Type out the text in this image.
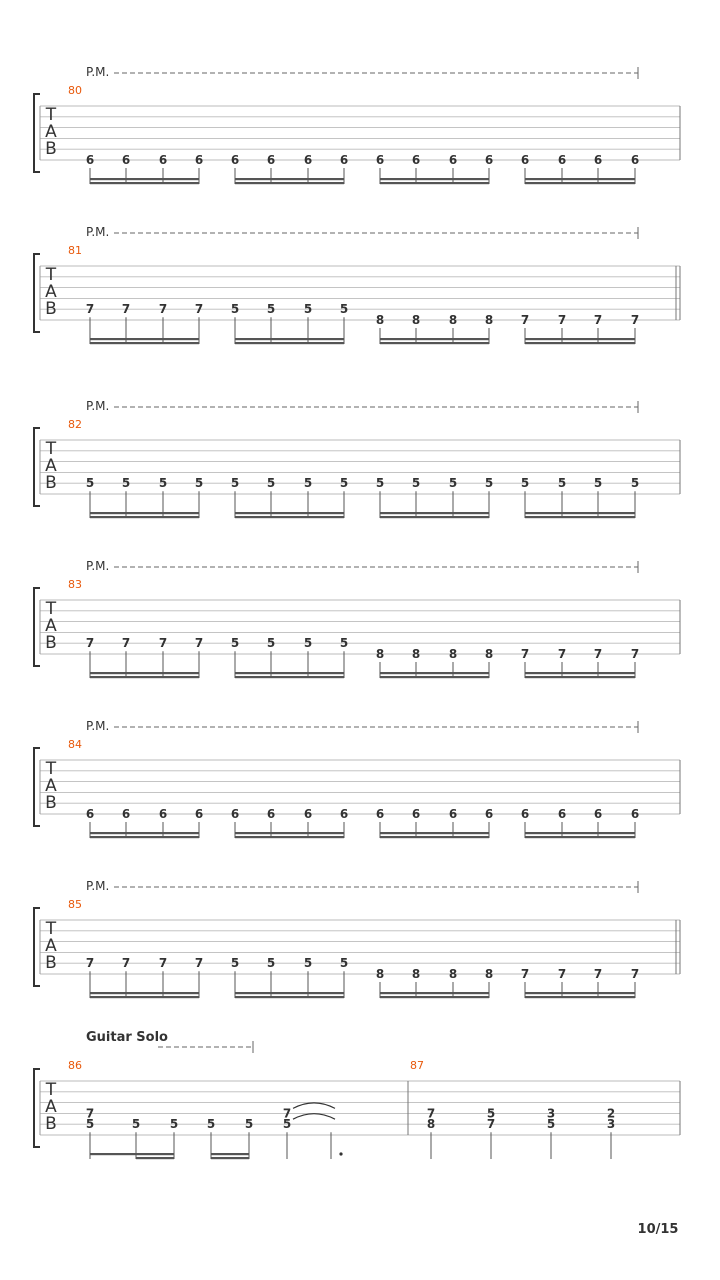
P.M.
T
A
B
80
6 6 6 6 6 6 6 6 6 6 6 6 6 6 6 6
P.M.
T
A
B
81
7 7 7 7 5 5 5 5
8 8 8 8 7 7 7 7
P.M.
T
A
B
82
5 5 5 5 5 5 5 5 5 5 5 5 5 5 5 5
P.M.
T
A
B
83
7 7 7 7 5 5 5 5
8 8 8 8 7 7 7 7
P.M.
T
A
B
84
6 6 6 6 6 6 6 6 6 6 6 6 6 6 6 6
P.M.
T
A
B
85
7 7 7 7 5 5 5 5
8 8 8 8 7 7 7 7
Guitar Solo
T
A
B
86	87
7
5	5 5 5 5
7
5
7
8
5
7
3
5
2
3
10/15
